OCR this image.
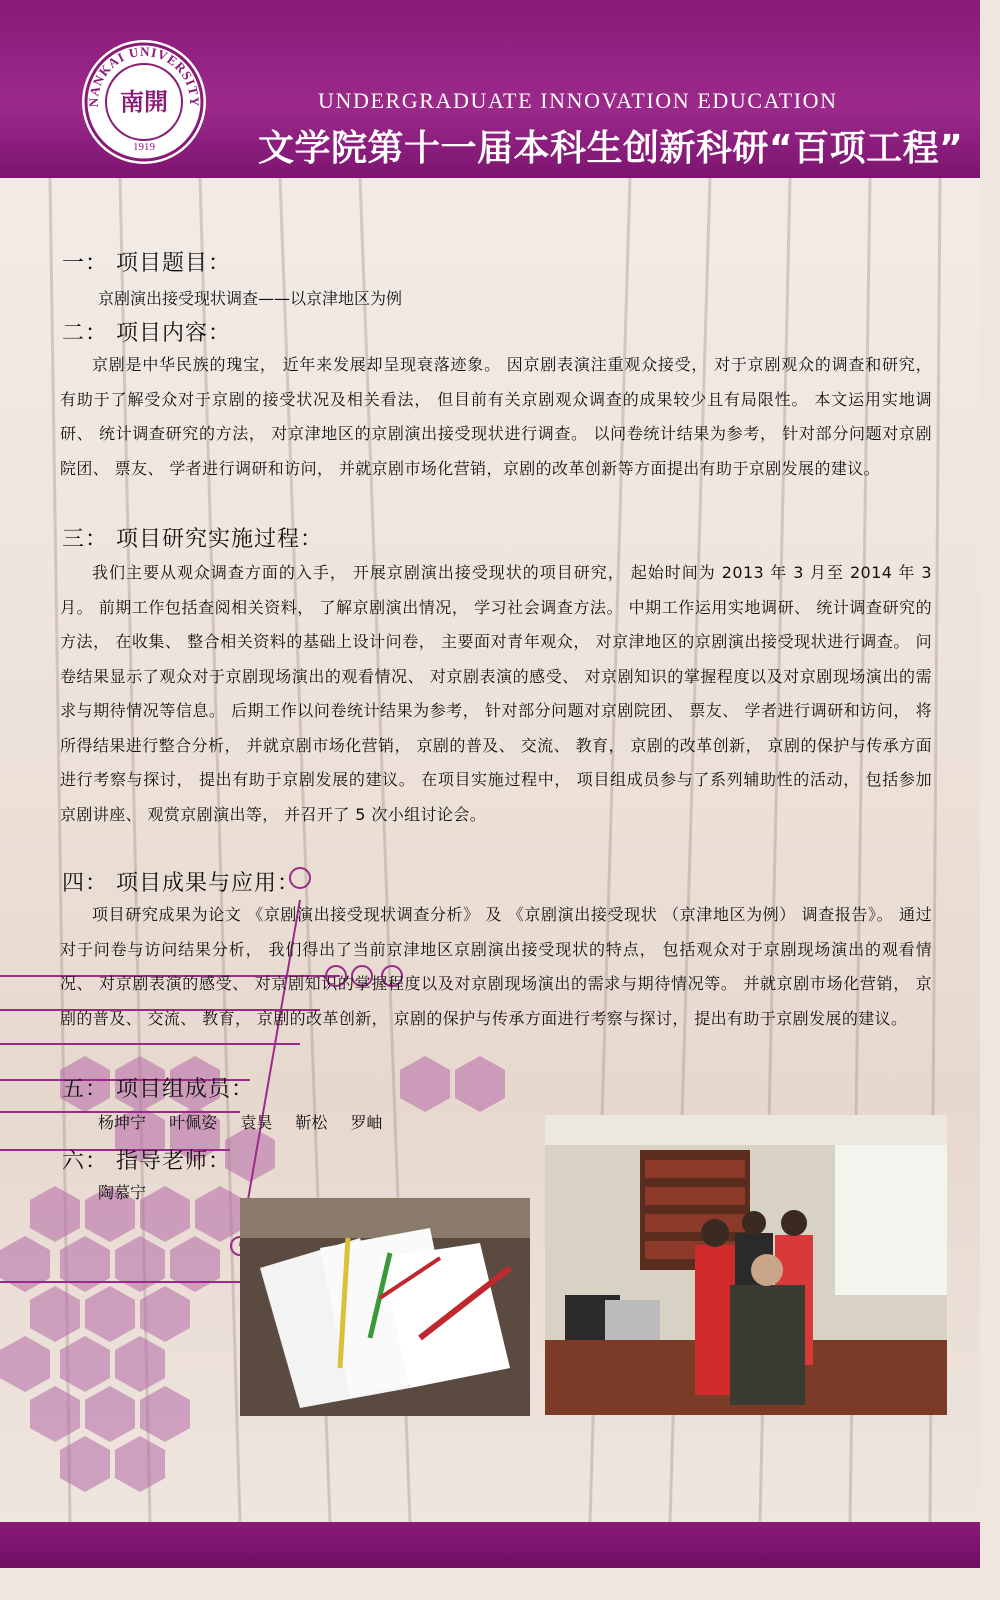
NANKAI UNIVERSITY
南開
1919
UNDERGRADUATE INNOVATION EDUCATION
文学院第十一届本科生创新科研“百项工程”
一： 项目题目：
京剧演出接受现状调查——以京津地区为例
二： 项目内容：

京剧是中华民族的瑰宝， 近年来发展却呈现衰落迹象。 因京剧表演注重观众接受， 对于京剧观众的调查和研究， 有助于了解受众对于京剧的接受状况及相关看法， 但目前有关京剧观众调查的成果较少且有局限性。 本文运用实地调研、 统计调查研究的方法， 对京津地区的京剧演出接受现状进行调查。 以问卷统计结果为参考， 针对部分问题对京剧院团、 票友、 学者进行调研和访问， 并就京剧市场化营销，京剧的改革创新等方面提出有助于京剧发展的建议。

三： 项目研究实施过程：

我们主要从观众调查方面的入手， 开展京剧演出接受现状的项目研究， 起始时间为 2013 年 3 月至 2014 年 3 月。 前期工作包括查阅相关资料， 了解京剧演出情况， 学习社会调查方法。 中期工作运用实地调研、 统计调查研究的方法， 在收集、 整合相关资料的基础上设计问卷， 主要面对青年观众， 对京津地区的京剧演出接受现状进行调查。 问卷结果显示了观众对于京剧现场演出的观看情况、 对京剧表演的感受、 对京剧知识的掌握程度以及对京剧现场演出的需求与期待情况等信息。 后期工作以问卷统计结果为参考， 针对部分问题对京剧院团、 票友、 学者进行调研和访问， 将所得结果进行整合分析， 并就京剧市场化营销， 京剧的普及、 交流、 教育， 京剧的改革创新， 京剧的保护与传承方面进行考察与探讨， 提出有助于京剧发展的建议。 在项目实施过程中， 项目组成员参与了系列辅助性的活动， 包括参加京剧讲座、 观赏京剧演出等， 并召开了 5 次小组讨论会。

四： 项目成果与应用：

项目研究成果为论文 《京剧演出接受现状调查分析》 及 《京剧演出接受现状 （京津地区为例） 调查报告》。 通过对于问卷与访问结果分析， 我们得出了当前京津地区京剧演出接受现状的特点， 包括观众对于京剧现场演出的观看情况、 对京剧表演的感受、 对京剧知识的掌握程度以及对京剧现场演出的需求与期待情况等。 并就京剧市场化营销， 京剧的普及、 交流、 教育， 京剧的改革创新， 京剧的保护与传承方面进行考察与探讨， 提出有助于京剧发展的建议。

五： 项目组成员：
杨坤宁 叶佩姿 袁昊 靳松 罗岫
六： 指导老师：
陶慕宁
